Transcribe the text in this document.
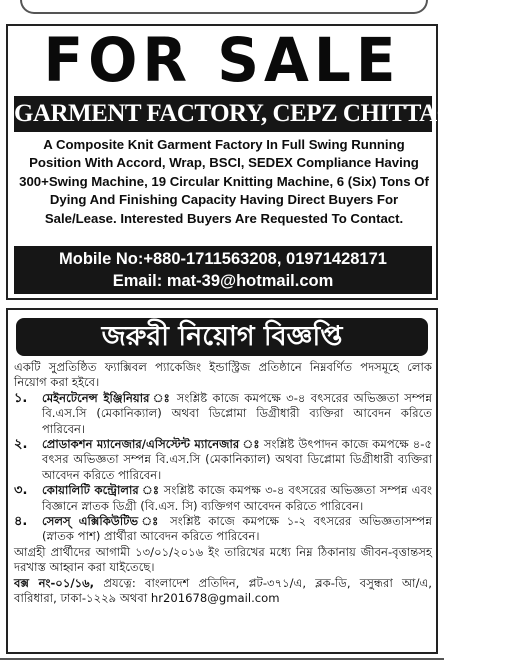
FOR SALE
GARMENT FACTORY, CEPZ CHITTAGONG
A Composite Knit Garment Factory In Full Swing Running Position With Accord, Wrap, BSCI, SEDEX Compliance Having 300+Swing Machine, 19 Circular Knitting Machine, 6 (Six) Tons Of Dying And Finishing Capacity Having Direct Buyers For Sale/Lease. Interested Buyers Are Requested To Contact.
Mobile No:+880-1711563208, 01971428171
Email: mat-39@hotmail.com
জরুরী নিয়োগ বিজ্ঞপ্তি

একটি সুপ্রতিষ্ঠিত ফ্যাক্সিবল প্যাকেজিং ইন্ডাস্ট্রিজ প্রতিষ্ঠানে নিম্নবর্ণিত পদসমূহে লোক নিয়োগ করা হইবে।

১.	মেইনটেনেন্স ইঞ্জিনিয়ার ঃ সংশ্লিষ্ট কাজে কমপক্ষে ৩-৪ বৎসরের অভিজ্ঞতা সম্পন্ন বি.এস.সি (মেকানিক্যাল) অথবা ডিপ্লোমা ডিগ্রীধারী ব্যক্তিরা আবেদন করিতে পারিবেন।
২.	প্রোডাকশন ম্যানেজার/এসিস্টেন্ট ম্যানেজার ঃ সংশ্লিষ্ট উৎপাদন কাজে কমপক্ষে ৪-৫ বৎসর অভিজ্ঞতা সম্পন্ন বি.এস.সি (মেকানিক্যাল) অথবা ডিপ্লোমা ডিগ্রীধারী ব্যক্তিরা আবেদন করিতে পারিবেন।
৩.	কোয়ালিটি কন্ট্রোলার ঃ সংশ্লিষ্ট কাজে কমপক্ষ ৩-৪ বৎসরের অভিজ্ঞতা সম্পন্ন এবং বিজ্ঞানে স্নাতক ডিগ্রী (বি.এস. সি) ব্যক্তিগণ আবেদন করিতে পারিবেন।
৪.	সেলস্ এক্সিকিউটিভ ঃ সংশ্লিষ্ট কাজে কমপক্ষে ১-২ বৎসরের অভিজ্ঞতাসম্পন্ন (স্নাতক পাশ) প্রার্থীরা আবেদন করিতে পারিবেন।

আগ্রহী প্রার্থীদের আগামী ১৩/০১/২০১৬ ইং তারিখের মধ্যে নিম্ন ঠিকানায় জীবন-বৃত্তান্তসহ দরখাস্ত আহ্বান করা যাইতেছে।

বক্স নং-০১/১৬, প্রযত্নে: বাংলাদেশ প্রতিদিন, প্লট-৩৭১/এ, ব্লক-ডি, বসুন্ধরা আ/এ, বারিধারা, ঢাকা-১২২৯ অথবা hr201678@gmail.com
